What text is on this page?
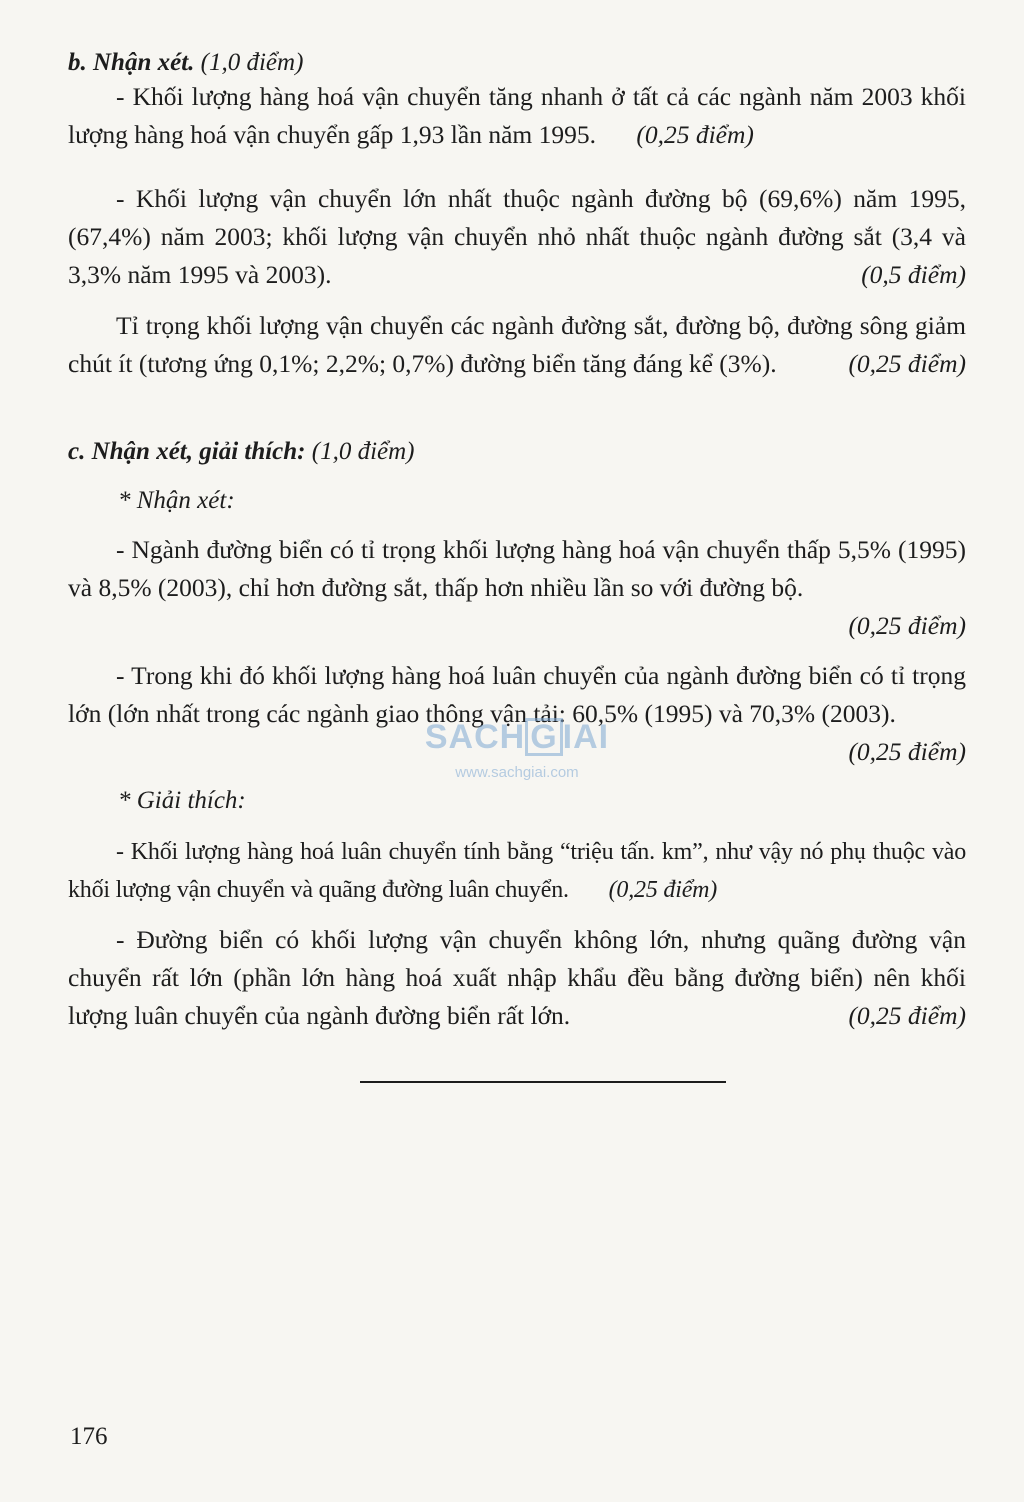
b. Nhận xét. (1,0 điểm)

- Khối lượng hàng hoá vận chuyển tăng nhanh ở tất cả các ngành năm 2003 khối lượng hàng hoá vận chuyển gấp 1,93 lần năm 1995. (0,25 điểm)

- Khối lượng vận chuyển lớn nhất thuộc ngành đường bộ (69,6%) năm 1995, (67,4%) năm 2003; khối lượng vận chuyển nhỏ nhất thuộc ngành đường sắt (3,4 và 3,3% năm 1995 và 2003).	(0,5 điểm)

Tỉ trọng khối lượng vận chuyển các ngành đường sắt, đường bộ, đường sông giảm chút ít (tương ứng 0,1%; 2,2%; 0,7%) đường biển tăng đáng kể (3%).	(0,25 điểm)

c. Nhận xét, giải thích: (1,0 điểm)
* Nhận xét:

- Ngành đường biển có tỉ trọng khối lượng hàng hoá vận chuyển thấp 5,5% (1995) và 8,5% (2003), chỉ hơn đường sắt, thấp hơn nhiều lần so với đường bộ.
(0,25 điểm)

- Trong khi đó khối lượng hàng hoá luân chuyển của ngành đường biển có tỉ trọng lớn (lớn nhất trong các ngành giao thông vận tải: 60,5% (1995) và 70,3% (2003).
(0,25 điểm)

* Giải thích:

- Khối lượng hàng hoá luân chuyển tính bằng “triệu tấn. km”, như vậy nó phụ thuộc vào khối lượng vận chuyển và quãng đường luân chuyển. (0,25 điểm)

- Đường biển có khối lượng vận chuyển không lớn, nhưng quãng đường vận chuyển rất lớn (phần lớn hàng hoá xuất nhập khẩu đều bằng đường biển) nên khối lượng luân chuyển của ngành đường biển rất lớn.	(0,25 điểm)

SACH G IAI
www.sachgiai.com
176
